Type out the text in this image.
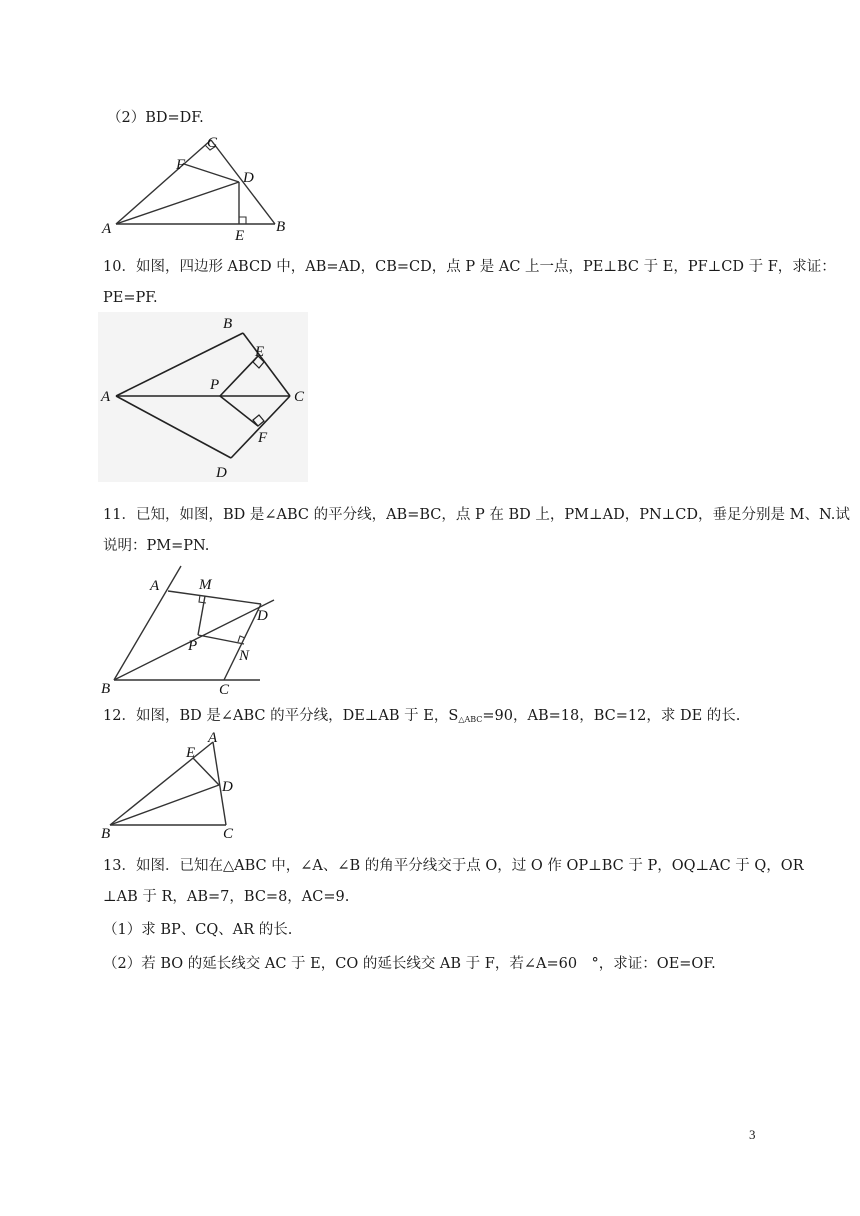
（2）BD=DF.
A
C
F
D
E
B
10．如图，四边形 ABCD 中，AB=AD，CB=CD，点 P 是 AC 上一点，PE⊥BC 于 E，PF⊥CD 于 F，求证：
PE=PF.
A
B
E
P
C
F
D
11．已知，如图，BD 是∠ABC 的平分线，AB=BC，点 P 在 BD 上，PM⊥AD，PN⊥CD，垂足分别是 M、N.试
说明：PM=PN.
A	M
D
P
N
B	C
12．如图，BD 是∠ABC 的平分线，DE⊥AB 于 E，$S_{\triangle ABC}=90$，AB=18，BC=12，求 DE 的长.
A
E
D
B	C
13．如图．已知在△ABC 中，∠A、∠B 的角平分线交于点 O，过 O 作 OP⊥BC 于 P，OQ⊥AC 于 Q，OR
⊥AB 于 R，AB=7，BC=8，AC=9.
（1）求 BP、CQ、AR 的长.
（2）若 BO 的延长线交 AC 于 E，CO 的延长线交 AB 于 F，若∠A=60　°，求证：OE=OF.
3
